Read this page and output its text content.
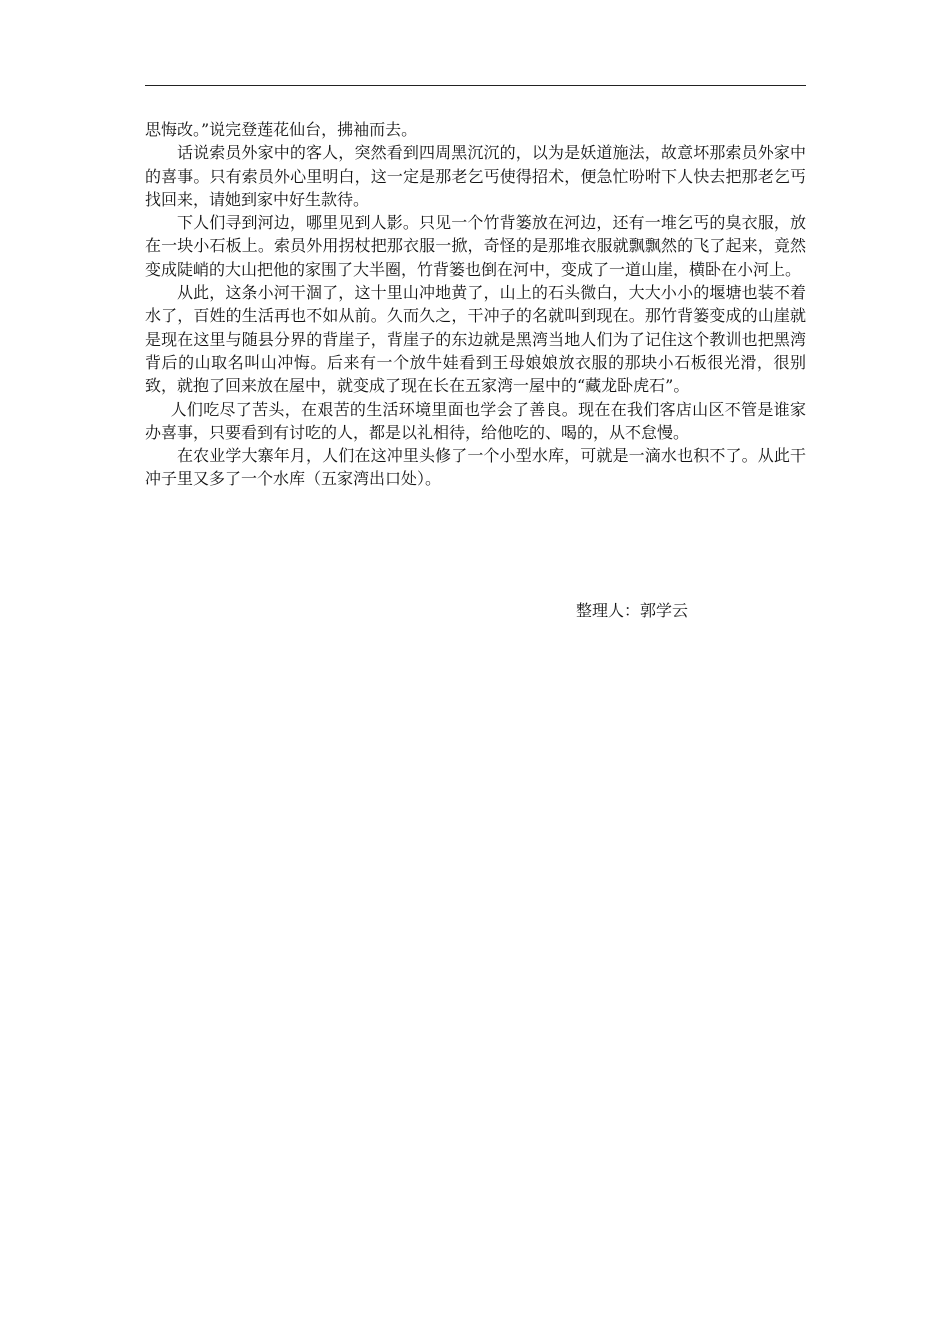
思悔改。”说完登莲花仙台，拂袖而去。

话说索员外家中的客人，突然看到四周黑沉沉的，以为是妖道施法，故意坏那索员外家中的喜事。只有索员外心里明白，这一定是那老乞丐使得招术，便急忙吩咐下人快去把那老乞丐找回来，请她到家中好生款待。

下人们寻到河边，哪里见到人影。只见一个竹背篓放在河边，还有一堆乞丐的臭衣服，放在一块小石板上。索员外用拐杖把那衣服一掀，奇怪的是那堆衣服就飘飘然的飞了起来，竟然变成陡峭的大山把他的家围了大半圈，竹背篓也倒在河中，变成了一道山崖，横卧在小河上。

从此，这条小河干涸了，这十里山冲地黄了，山上的石头微白，大大小小的堰塘也装不着水了，百姓的生活再也不如从前。久而久之，干冲子的名就叫到现在。那竹背篓变成的山崖就是现在这里与随县分界的背崖子，背崖子的东边就是黑湾当地人们为了记住这个教训也把黑湾背后的山取名叫山冲悔。后来有一个放牛娃看到王母娘娘放衣服的那块小石板很光滑，很别致，就抱了回来放在屋中，就变成了现在长在五家湾一屋中的“藏龙卧虎石”。

人们吃尽了苦头，在艰苦的生活环境里面也学会了善良。现在在我们客店山区不管是谁家办喜事，只要看到有讨吃的人，都是以礼相待，给他吃的、喝的，从不怠慢。

在农业学大寨年月，人们在这冲里头修了一个小型水库，可就是一滴水也积不了。从此干冲子里又多了一个水库（五家湾出口处）。

整理人：郭学云
